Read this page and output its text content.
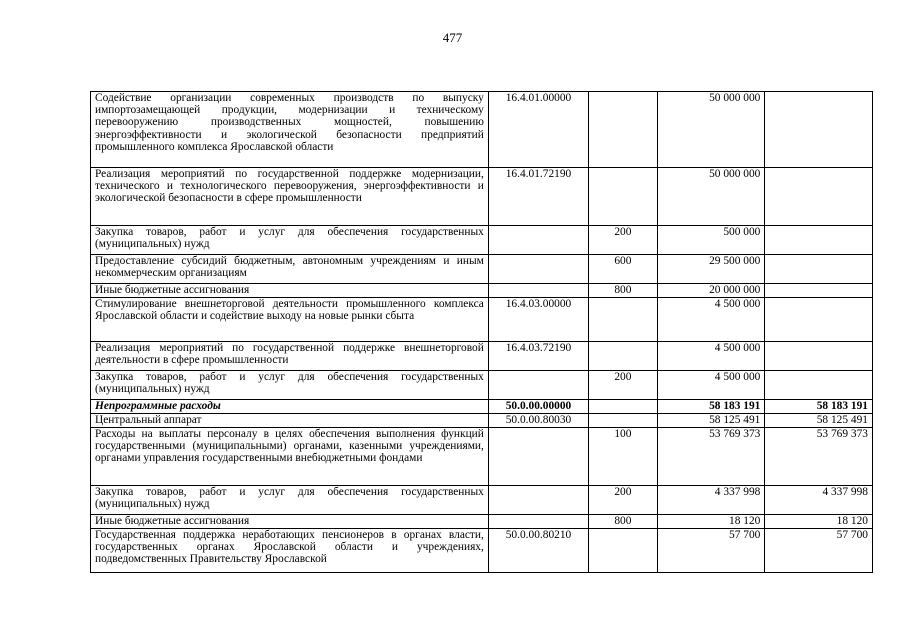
477
Содействие организации современных производств по выпуску импортозамещающей продукции, модернизации и техническому перевооружению производственных мощностей, повышению энергоэффективности и экологической безопасности предприятий промышленного комплекса Ярославской области	16.4.01.00000		50 000 000	
Реализация мероприятий по государственной поддержке модернизации, технического и технологического перевооружения, энергоэффективности и экологической безопасности в сфере промышленности	16.4.01.72190		50 000 000	
Закупка товаров, работ и услуг для обеспечения государственных (муниципальных) нужд		200	500 000	
Предоставление субсидий бюджетным, автономным учреждениям и иным некоммерческим организациям		600	29 500 000	
Иные бюджетные ассигнования		800	20 000 000	
Стимулирование внешнеторговой деятельности промышленного комплекса Ярославской области и содействие выходу на новые рынки сбыта	16.4.03.00000		4 500 000	
Реализация мероприятий по государственной поддержке внешнеторговой деятельности в сфере промышленности	16.4.03.72190		4 500 000	
Закупка товаров, работ и услуг для обеспечения государственных (муниципальных) нужд		200	4 500 000	
Непрограммные расходы	50.0.00.00000		58 183 191	58 183 191
Центральный аппарат	50.0.00.80030		58 125 491	58 125 491
Расходы на выплаты персоналу в целях обеспечения выполнения функций государственными (муниципальными) органами, казенными учреждениями, органами управления государственными внебюджетными фондами		100	53 769 373	53 769 373
Закупка товаров, работ и услуг для обеспечения государственных (муниципальных) нужд		200	4 337 998	4 337 998
Иные бюджетные ассигнования		800	18 120	18 120
Государственная поддержка неработающих пенсионеров в органах власти, государственных органах Ярославской области и учреждениях, подведомственных Правительству Ярославской	50.0.00.80210		57 700	57 700
